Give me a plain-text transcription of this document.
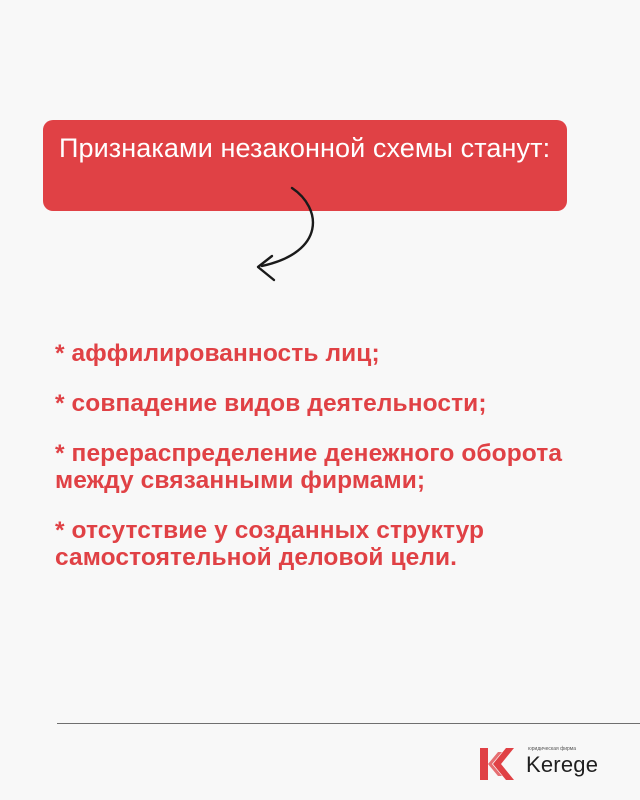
Признаками незаконной схемы станут:

* аффилированность лиц;
* совпадение видов деятельности;
* перераспределение денежного оборота между связанными фирмами;
* отсутствие у созданных структур самостоятельной деловой цели.
юридическая фирма
Kerege
